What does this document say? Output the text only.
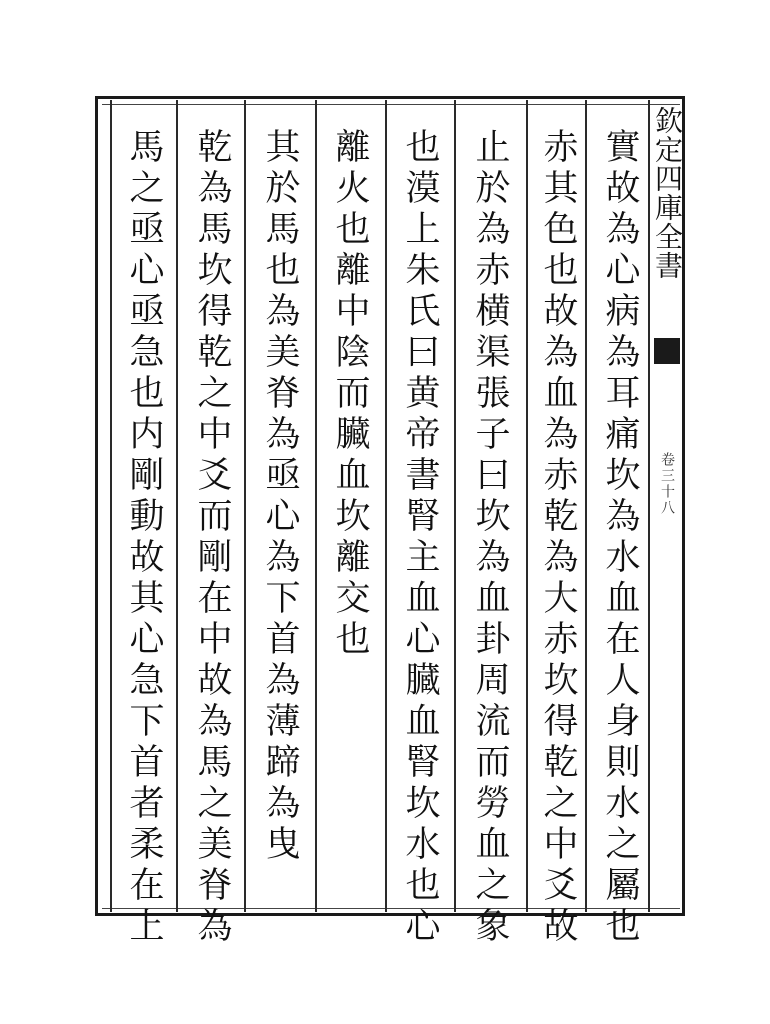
欽定四庫全書
卷三十八
實故為心病為耳痛坎為水血在人身則水之屬也
赤其色也故為血為赤乾為大赤坎得乾之中爻故
止於為赤横渠張子曰坎為血卦周流而勞血之象
也漠上朱氏曰黄帝書腎主血心臓血腎坎水也心
離火也離中陰而臟血坎離交也
其於馬也為美脊為亟心為下首為薄蹄為曳
乾為馬坎得乾之中爻而剛在中故為馬之美脊為
馬之亟心亟急也内剛動故其心急下首者柔在上
